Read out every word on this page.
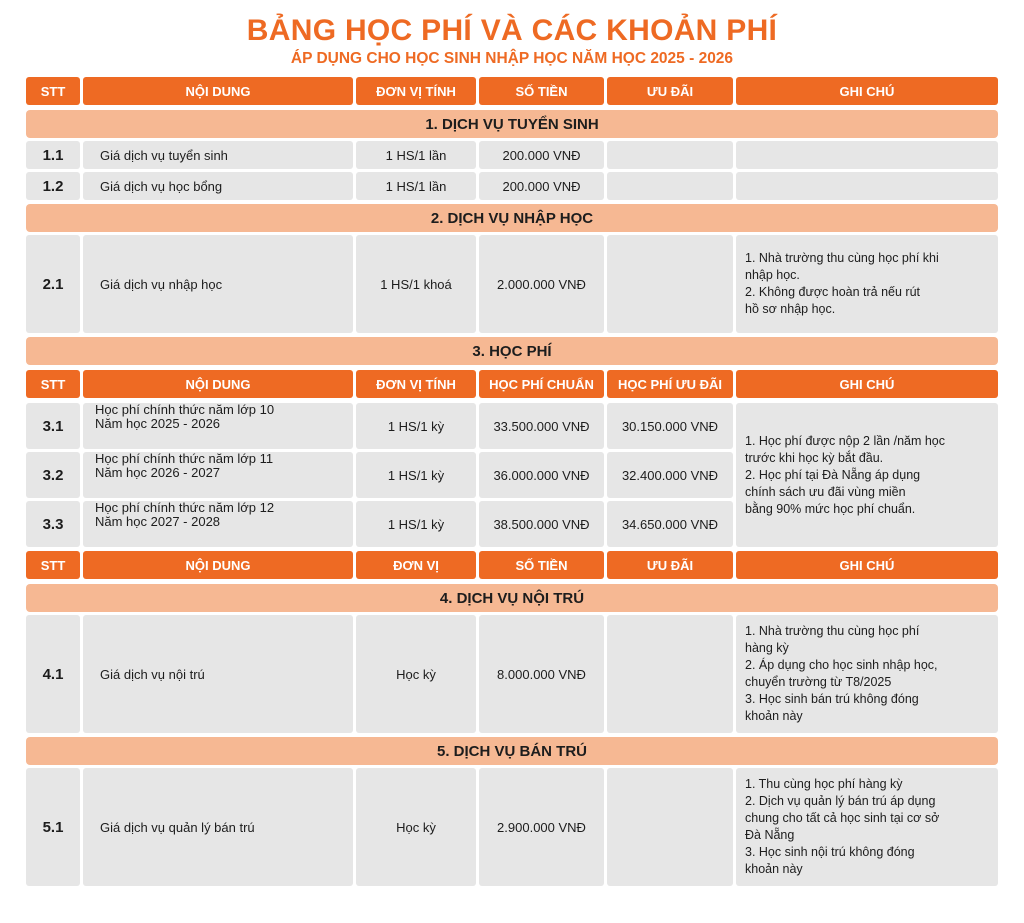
BẢNG HỌC PHÍ VÀ CÁC KHOẢN PHÍ
ÁP DỤNG CHO HỌC SINH NHẬP HỌC NĂM HỌC 2025 - 2026
STT	NỘI DUNG	ĐƠN VỊ TÍNH	SỐ TIỀN	ƯU ĐÃI	GHI CHÚ
1. DỊCH VỤ TUYỂN SINH
1.1	Giá dịch vụ tuyển sinh	1 HS/1 lần	200.000 VNĐ
1.2	Giá dịch vụ học bổng	1 HS/1 lần	200.000 VNĐ
2. DỊCH VỤ NHẬP HỌC
2.1	Giá dịch vụ nhập học	1 HS/1 khoá	2.000.000 VNĐ
1. Nhà trường thu cùng học phí khi
nhập học.
2. Không được hoàn trả nếu rút
hồ sơ nhập học.
3. HỌC PHÍ
STT	NỘI DUNG	ĐƠN VỊ TÍNH	HỌC PHÍ CHUẨN	HỌC PHÍ ƯU ĐÃI	GHI CHÚ
3.1
Học phí chính thức năm lớp 10
Năm học 2025 - 2026	1 HS/1 kỳ	33.500.000 VNĐ	30.150.000 VNĐ
3.2
Học phí chính thức năm lớp 11
Năm học 2026 - 2027	1 HS/1 kỳ	36.000.000 VNĐ	32.400.000 VNĐ
3.3
Học phí chính thức năm lớp 12
Năm học 2027 - 2028	1 HS/1 kỳ	38.500.000 VNĐ	34.650.000 VNĐ
1. Học phí được nộp 2 lần /năm học
trước khi học kỳ bắt đầu.
2. Học phí tại Đà Nẵng áp dụng
chính sách ưu đãi vùng miền
bằng 90% mức học phí chuẩn.
STT	NỘI DUNG	ĐƠN VỊ	SỐ TIỀN	ƯU ĐÃI	GHI CHÚ
4. DỊCH VỤ NỘI TRÚ
4.1	Giá dịch vụ nội trú	Học kỳ	8.000.000 VNĐ
1. Nhà trường thu cùng học phí
hàng kỳ
2. Áp dụng cho học sinh nhập học,
chuyển trường từ T8/2025
3. Học sinh bán trú không đóng
khoản này
5. DỊCH VỤ BÁN TRÚ
5.1	Giá dịch vụ quản lý bán trú	Học kỳ	2.900.000 VNĐ
1. Thu cùng học phí hàng kỳ
2. Dịch vụ quản lý bán trú áp dụng
chung cho tất cả học sinh tại cơ sở
Đà Nẵng
3. Học sinh nội trú không đóng
khoản này
